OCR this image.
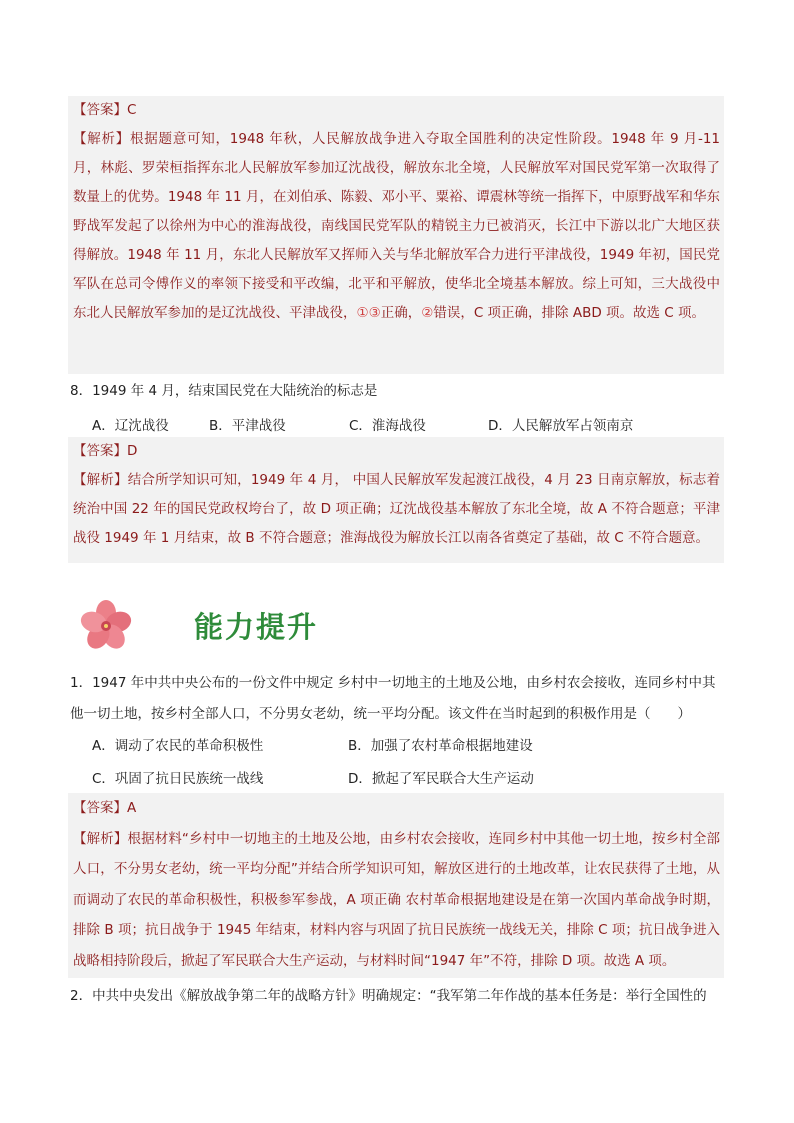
【答案】C

【解析】根据题意可知，1948 年秋，人民解放战争进入夺取全国胜利的决定性阶段。1948 年 9 月-11 月，林彪、罗荣桓指挥东北人民解放军参加辽沈战役，解放东北全境，人民解放军对国民党军第一次取得了数量上的优势。1948 年 11 月，在刘伯承、陈毅、邓小平、粟裕、谭震林等统一指挥下，中原野战军和华东野战军发起了以徐州为中心的淮海战役，南线国民党军队的精锐主力已被消灭，长江中下游以北广大地区获得解放。1948 年 11 月，东北人民解放军又挥师入关与华北解放军合力进行平津战役，1949 年初，国民党军队在总司令傅作义的率领下接受和平改编，北平和平解放，使华北全境基本解放。综上可知，三大战役中东北人民解放军参加的是辽沈战役、平津战役，①③正确，②错误，C 项正确，排除 ABD 项。故选 C 项。

8．1949 年 4 月，结束国民党在大陆统治的标志是

A．辽沈战役	B．平津战役	C．淮海战役	D．人民解放军占领南京

【答案】D

【解析】结合所学知识可知，1949 年 4 月， 中国人民解放军发起渡江战役，4 月 23 日南京解放，标志着统治中国 22 年的国民党政权垮台了，故 D 项正确；辽沈战役基本解放了东北全境，故 A 不符合题意；平津战役 1949 年 1 月结束，故 B 不符合题意；淮海战役为解放长江以南各省奠定了基础，故 C 不符合题意。

能力提升

1．1947 年中共中央公布的一份文件中规定 乡村中一切地主的土地及公地，由乡村农会接收，连同乡村中其他一切土地，按乡村全部人口，不分男女老幼，统一平均分配。该文件在当时起到的积极作用是（　　）

A．调动了农民的革命积极性	B．加强了农村革命根据地建设
C．巩固了抗日民族统一战线	D．掀起了军民联合大生产运动

【答案】A

【解析】根据材料“乡村中一切地主的土地及公地，由乡村农会接收，连同乡村中其他一切土地，按乡村全部人口，不分男女老幼，统一平均分配”并结合所学知识可知，解放区进行的土地改革，让农民获得了土地，从而调动了农民的革命积极性，积极参军参战，A 项正确 农村革命根据地建设是在第一次国内革命战争时期，排除 B 项；抗日战争于 1945 年结束，材料内容与巩固了抗日民族统一战线无关，排除 C 项；抗日战争进入战略相持阶段后，掀起了军民联合大生产运动，与材料时间“1947 年”不符，排除 D 项。故选 A 项。

2．中共中央发出《解放战争第二年的战略方针》明确规定：“我军第二年作战的基本任务是：举行全国性的
